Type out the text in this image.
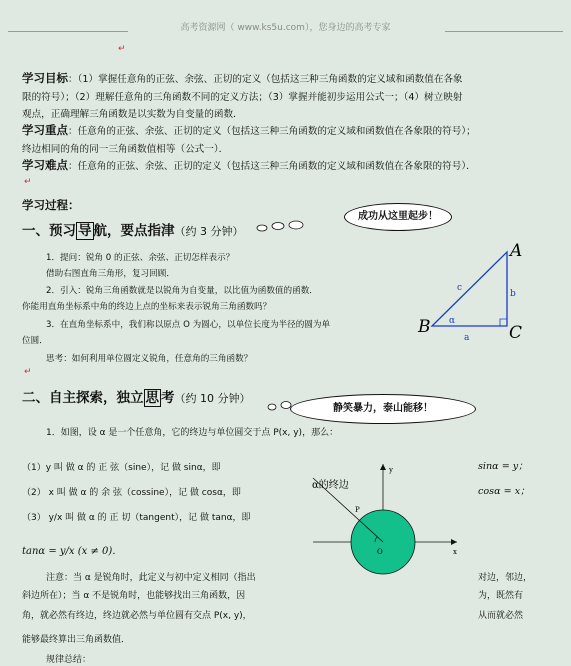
高考资源网（ www.ks5u.com），您身边的高考专家
↵
学习目标：（1）掌握任意角的正弦、余弦、正切的定义（包括这三种三角函数的定义域和函数值在各象
限的符号）；（2）理解任意角的三角函数不同的定义方法；（3）掌握并能初步运用公式一；（4）树立映射
观点，正确理解三角函数是以实数为自变量的函数．
学习重点：任意角的正弦、余弦、正切的定义（包括这三种三角函数的定义域和函数值在各象限的符号）；
终边相同的角的同一三角函数值相等（公式一）．
学习难点：任意角的正弦、余弦、正切的定义（包括这三种三角函数的定义域和函数值在各象限的符号）．
↵
学习过程：
一、预习 导 航，要点指津（约 3 分钟）
成功从这里起步！
1．提问：锐角 0 的正弦、余弦、正切怎样表示？
借助右图直角三角形，复习回顾．
2．引入：锐角三角函数就是以锐角为自变量，以比值为函数值的函数．
你能用直角坐标系中角的终边上点的坐标来表示锐角三角函数吗？
3．在直角坐标系中，我们称以原点 O 为圆心，以单位长度为半径的圆为单
位圆．
思考：如何利用单位圆定义锐角，任意角的三角函数？
A
B	C
a
b
c
α
↵
二、自主探索，独立 思 考（约 10 分钟）
静笑暴力，泰山能移！
1．如图，设 α 是一个任意角，它的终边与单位圆交于点 P(x, y)，那么：
（1）y 叫 做 α 的 正 弦（sine），记 做 sinα，即	sinα = y；
（2） x 叫 做 α 的 余 弦（cossine），记 做 cosα，即	cosα = x；
（3） y/x 叫 做 α 的 正 切（tangent），记 做 tanα，即
tanα = y/x (x ≠ 0)．
α的终边
P
O	x
y
注意：当 α 是锐角时，此定义与初中定义相同（指出	对边，邻边，
斜边所在）；当 α 不是锐角时，也能够找出三角函数，因	为，既然有
角，就必然有终边，终边就必然与单位圆有交点 P(x, y)，	从而就必然
能够最终算出三角函数值．
规律总结：
